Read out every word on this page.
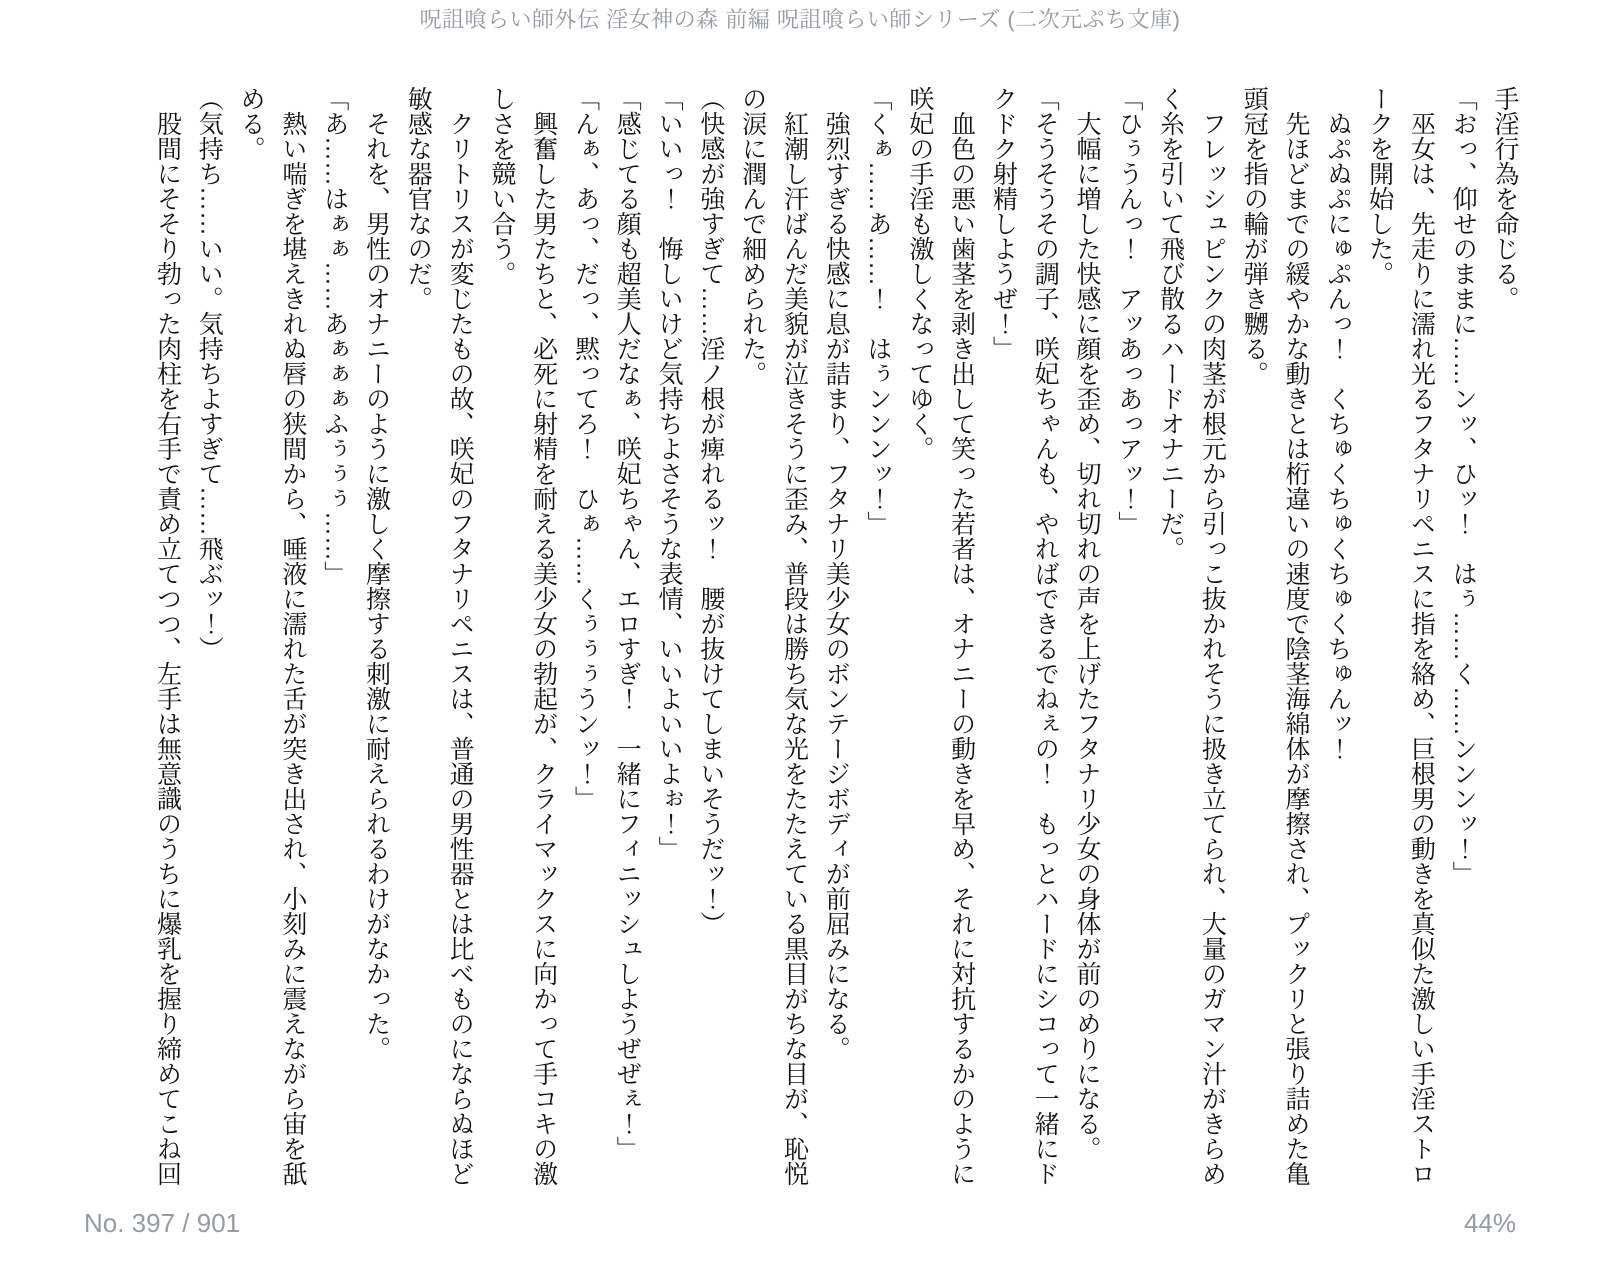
呪詛喰らい師外伝 淫女神の森 前編 呪詛喰らい師シリーズ (二次元ぷち文庫)

手淫行為を命じる。

「おっ、仰せのままに……ンッ、ひッ！　はぅ……く……ンンンッ！」

　巫女は、先走りに濡れ光るフタナリペニスに指を絡め、巨根男の動きを真似た激しい手淫ストロークを開始した。

　ぬぷぬぷにゅぷんっ！　くちゅくちゅくちゅくちゅんッ！

　先ほどまでの緩やかな動きとは桁違いの速度で陰茎海綿体が摩擦され、プックリと張り詰めた亀頭冠を指の輪が弾き嬲る。

　フレッシュピンクの肉茎が根元から引っこ抜かれそうに扱き立てられ、大量のガマン汁がきらめく糸を引いて飛び散るハードオナニーだ。

「ひぅうんっ！　アッあっあっアッ！」

　大幅に増した快感に顔を歪め、切れ切れの声を上げたフタナリ少女の身体が前のめりになる。

「そうそうその調子、咲妃ちゃんも、やればできるでねぇの！　もっとハードにシコって一緒にドクドク射精しようぜ！」

　血色の悪い歯茎を剥き出して笑った若者は、オナニーの動きを早め、それに対抗するかのように咲妃の手淫も激しくなってゆく。

「くぁ……あ……！　はぅンンンッ！」

　強烈すぎる快感に息が詰まり、フタナリ美少女のボンテージボディが前屈みになる。

　紅潮し汗ばんだ美貌が泣きそうに歪み、普段は勝ち気な光をたたえている黒目がちな目が、恥悦の涙に潤んで細められた。

（快感が強すぎて……淫ノ根が痺れるッ！　腰が抜けてしまいそうだッ！）

「いいっ！　悔しいけど気持ちよさそうな表情、いいよいいよぉ！」

「感じてる顔も超美人だなぁ、咲妃ちゃん、エロすぎ！　一緒にフィニッシュしようぜぜぇ！」

「んぁ、あっ、だっ、黙ってろ！　ひぁ……くぅぅぅうンッ！」

　興奮した男たちと、必死に射精を耐える美少女の勃起が、クライマックスに向かって手コキの激しさを競い合う。

　クリトリスが変じたもの故、咲妃のフタナリペニスは、普通の男性器とは比べものにならぬほど敏感な器官なのだ。

　それを、男性のオナニーのように激しく摩擦する刺激に耐えられるわけがなかった。

「あ……はぁぁ……あぁぁぁふぅぅぅ……」

　熱い喘ぎを堪えきれぬ唇の狭間から、唾液に濡れた舌が突き出され、小刻みに震えながら宙を舐める。

（気持ち……いい。気持ちよすぎて……飛ぶッ！）

　股間にそそり勃った肉柱を右手で責め立てつつ、左手は無意識のうちに爆乳を握り締めてこね回

No. 397 / 901	44%
